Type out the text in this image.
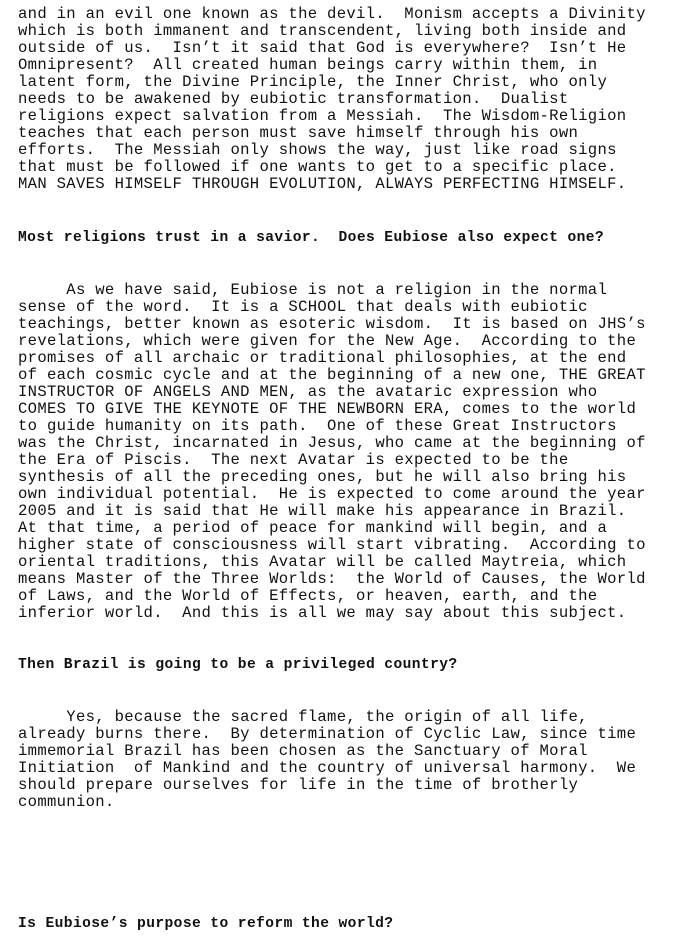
and in an evil one known as the devil.  Monism accepts a Divinity
which is both immanent and transcendent, living both inside and
outside of us.  Isn’t it said that God is everywhere?  Isn’t He
Omnipresent?  All created human beings carry within them, in
latent form, the Divine Principle, the Inner Christ, who only
needs to be awakened by eubiotic transformation.  Dualist
religions expect salvation from a Messiah.  The Wisdom-Religion
teaches that each person must save himself through his own
efforts.  The Messiah only shows the way, just like road signs
that must be followed if one wants to get to a specific place.
MAN SAVES HIMSELF THROUGH EVOLUTION, ALWAYS PERFECTING HIMSELF.
Most religions trust in a savior.  Does Eubiose also expect one?
As we have said, Eubiose is not a religion in the normal
sense of the word.  It is a SCHOOL that deals with eubiotic
teachings, better known as esoteric wisdom.  It is based on JHS’s
revelations, which were given for the New Age.  According to the
promises of all archaic or traditional philosophies, at the end
of each cosmic cycle and at the beginning of a new one, THE GREAT
INSTRUCTOR OF ANGELS AND MEN, as the avataric expression who
COMES TO GIVE THE KEYNOTE OF THE NEWBORN ERA, comes to the world
to guide humanity on its path.  One of these Great Instructors
was the Christ, incarnated in Jesus, who came at the beginning of
the Era of Piscis.  The next Avatar is expected to be the
synthesis of all the preceding ones, but he will also bring his
own individual potential.  He is expected to come around the year
2005 and it is said that He will make his appearance in Brazil.
At that time, a period of peace for mankind will begin, and a
higher state of consciousness will start vibrating.  According to
oriental traditions, this Avatar will be called Maytreia, which
means Master of the Three Worlds:  the World of Causes, the World
of Laws, and the World of Effects, or heaven, earth, and the
inferior world.  And this is all we may say about this subject.
Then Brazil is going to be a privileged country?
Yes, because the sacred flame, the origin of all life,
already burns there.  By determination of Cyclic Law, since time
immemorial Brazil has been chosen as the Sanctuary of Moral
Initiation  of Mankind and the country of universal harmony.  We
should prepare ourselves for life in the time of brotherly
communion.
Is Eubiose’s purpose to reform the world?
